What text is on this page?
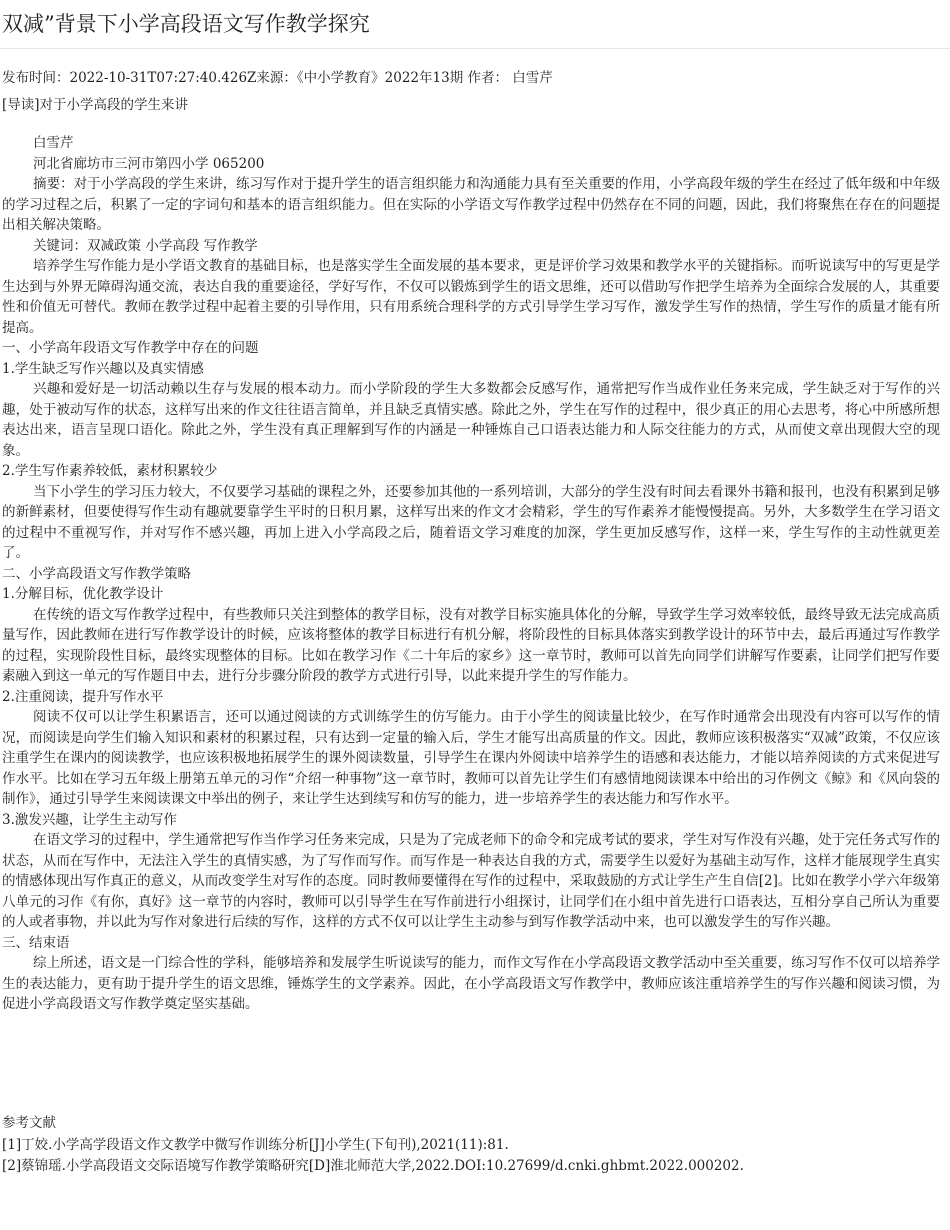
双减”背景下小学高段语文写作教学探究
发布时间：2022-10-31T07:27:40.426Z来源：《中小学教育》2022年13期 作者： 白雪芹
[导读]对于小学高段的学生来讲

白雪芹

河北省廊坊市三河市第四小学 065200

摘要：对于小学高段的学生来讲，练习写作对于提升学生的语言组织能力和沟通能力具有至关重要的作用，小学高段年级的学生在经过了低年级和中年级的学习过程之后，积累了一定的字词句和基本的语言组织能力。但在实际的小学语文写作教学过程中仍然存在不同的问题，因此，我们将聚焦在存在的问题提出相关解决策略。

关键词：双减政策 小学高段 写作教学

培养学生写作能力是小学语文教育的基础目标，也是落实学生全面发展的基本要求，更是评价学习效果和教学水平的关键指标。而听说读写中的写更是学生达到与外界无障碍沟通交流，表达自我的重要途径，学好写作，不仅可以锻炼到学生的语文思维，还可以借助写作把学生培养为全面综合发展的人，其重要性和价值无可替代。教师在教学过程中起着主要的引导作用，只有用系统合理科学的方式引导学生学习写作，激发学生写作的热情，学生写作的质量才能有所提高。

一、小学高年段语文写作教学中存在的问题

1.学生缺乏写作兴趣以及真实情感

兴趣和爱好是一切活动赖以生存与发展的根本动力。而小学阶段的学生大多数都会反感写作，通常把写作当成作业任务来完成，学生缺乏对于写作的兴趣，处于被动写作的状态，这样写出来的作文往往语言简单，并且缺乏真情实感。除此之外，学生在写作的过程中，很少真正的用心去思考，将心中所感所想表达出来，语言呈现口语化。除此之外，学生没有真正理解到写作的内涵是一种锤炼自己口语表达能力和人际交往能力的方式，从而使文章出现假大空的现象。

2.学生写作素养较低，素材积累较少

当下小学生的学习压力较大，不仅要学习基础的课程之外，还要参加其他的一系列培训，大部分的学生没有时间去看课外书籍和报刊，也没有积累到足够的新鲜素材，但要使得写作生动有趣就要靠学生平时的日积月累，这样写出来的作文才会精彩，学生的写作素养才能慢慢提高。另外，大多数学生在学习语文的过程中不重视写作，并对写作不感兴趣，再加上进入小学高段之后，随着语文学习难度的加深，学生更加反感写作，这样一来，学生写作的主动性就更差了。

二、小学高段语文写作教学策略

1.分解目标，优化教学设计

在传统的语文写作教学过程中，有些教师只关注到整体的教学目标，没有对教学目标实施具体化的分解，导致学生学习效率较低，最终导致无法完成高质量写作，因此教师在进行写作教学设计的时候，应该将整体的教学目标进行有机分解，将阶段性的目标具体落实到教学设计的环节中去，最后再通过写作教学的过程，实现阶段性目标，最终实现整体的目标。比如在教学习作《二十年后的家乡》这一章节时，教师可以首先向同学们讲解写作要素，让同学们把写作要素融入到这一单元的写作题目中去，进行分步骤分阶段的教学方式进行引导，以此来提升学生的写作能力。

2.注重阅读，提升写作水平

阅读不仅可以让学生积累语言，还可以通过阅读的方式训练学生的仿写能力。由于小学生的阅读量比较少，在写作时通常会出现没有内容可以写作的情况，而阅读是向学生们输入知识和素材的积累过程，只有达到一定量的输入后，学生才能写出高质量的作文。因此，教师应该积极落实“双减”政策，不仅应该注重学生在课内的阅读教学，也应该积极地拓展学生的课外阅读数量，引导学生在课内外阅读中培养学生的语感和表达能力，才能以培养阅读的方式来促进写作水平。比如在学习五年级上册第五单元的习作“介绍一种事物”这一章节时，教师可以首先让学生们有感情地阅读课本中给出的习作例文《鲸》和《风向袋的制作》，通过引导学生来阅读课文中举出的例子，来让学生达到续写和仿写的能力，进一步培养学生的表达能力和写作水平。

3.激发兴趣，让学生主动写作

在语文学习的过程中，学生通常把写作当作学习任务来完成，只是为了完成老师下的命令和完成考试的要求，学生对写作没有兴趣，处于完任务式写作的状态，从而在写作中，无法注入学生的真情实感，为了写作而写作。而写作是一种表达自我的方式，需要学生以爱好为基础主动写作，这样才能展现学生真实的情感体现出写作真正的意义，从而改变学生对写作的态度。同时教师要懂得在写作的过程中，采取鼓励的方式让学生产生自信[2]。比如在教学小学六年级第八单元的习作《有你，真好》这一章节的内容时，教师可以引导学生在写作前进行小组探讨，让同学们在小组中首先进行口语表达，互相分享自己所认为重要的人或者事物，并以此为写作对象进行后续的写作，这样的方式不仅可以让学生主动参与到写作教学活动中来，也可以激发学生的写作兴趣。

三、结束语

综上所述，语文是一门综合性的学科，能够培养和发展学生听说读写的能力，而作文写作在小学高段语文教学活动中至关重要，练习写作不仅可以培养学生的表达能力，更有助于提升学生的语文思维，锤炼学生的文学素养。因此，在小学高段语文写作教学中，教师应该注重培养学生的写作兴趣和阅读习惯，为促进小学高段语文写作教学奠定坚实基础。

参考文献

[1]丁姣.小学高学段语文作文教学中微写作训练分析[J]小学生(下旬刊),2021(11):81.

[2]蔡锦瑶.小学高段语文交际语境写作教学策略研究[D]淮北师范大学,2022.DOI:10.27699/d.cnki.ghbmt.2022.000202.
